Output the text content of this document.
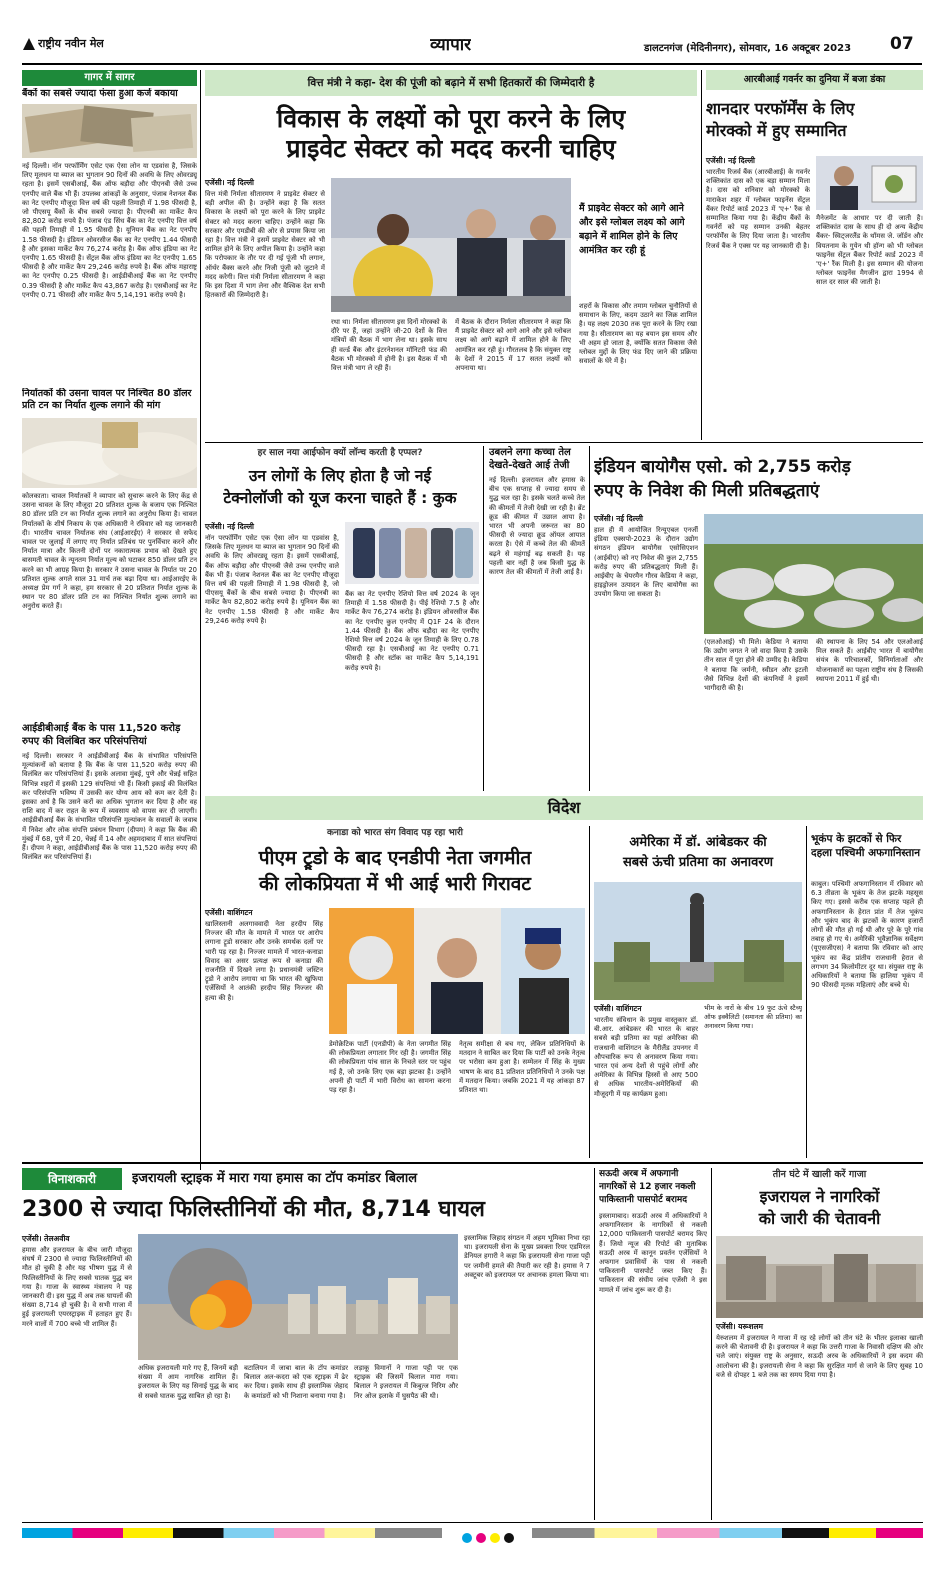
राष्ट्रीय नवीन मेल	व्यापार	डालटनगंज (मेदिनीनगर), सोमवार, 16 अक्टूबर 2023 07
गागर में सागर
बैंकों का सबसे ज्यादा फंसा हुआ कर्ज बकाया
नई दिल्ली। नॉन परफॉर्मिंग एसेट एक ऐसा लोन या एडवांस है, जिसके लिए मूलधन या ब्याज का भुगतान 90 दिनों की अवधि के लिए ओवरड्यू रहता है। इसमें एसबीआई, बैंक ऑफ बड़ौदा और पीएनबी जैसे उच्च एनपीए वाले बैंक भी हैं। उपलब्ध आंकड़ों के अनुसार, पंजाब नेशनल बैंक का नेट एनपीए मौजूदा वित्त वर्ष की पहली तिमाही में 1.98 फीसदी है, जो पीएसयू बैंकों के बीच सबसे ज्यादा है। पीएनबी का मार्केट कैप 82,802 करोड़ रुपये है। पंजाब एंड सिंध बैंक का नेट एनपीए वित्त वर्ष की पहली तिमाही में 1.95 फीसदी है। यूनियन बैंक का नेट एनपीए 1.58 फीसदी है। इंडियन ओवरसीज बैंक का नेट एनपीए 1.44 फीसदी है और इसका मार्केट कैप 76,274 करोड़ है। बैंक ऑफ इंडिया का नेट एनपीए 1.65 फीसदी है। सेंट्रल बैंक ऑफ इंडिया का नेट एनपीए 1.65 फीसदी है और मार्केट कैप 29,246 करोड़ रुपये है। बैंक ऑफ महाराष्ट्र का नेट एनपीए 0.25 फीसदी है। आईडीबीआई बैंक का नेट एनपीए 0.39 फीसदी है और मार्केट कैप 43,867 करोड़ है। एसबीआई का नेट एनपीए 0.71 फीसदी और मार्केट कैप 5,14,191 करोड़ रुपये है।
निर्यातकों की उसना चावल पर निश्चित 80 डॉलर प्रति टन का निर्यात शुल्क लगाने की मांग
कोलकाता। चावल निर्यातकों ने व्यापार को सुचारू करने के लिए केंद्र से उसना चावल के लिए मौजूदा 20 प्रतिशत शुल्क के बजाय एक निश्चित 80 डॉलर प्रति टन का निर्यात शुल्क लगाने का अनुरोध किया है। चावल निर्यातकों के शीर्ष निकाय के एक अधिकारी ने रविवार को यह जानकारी दी। भारतीय चावल निर्यातक संघ (आईआरईए) ने सरकार से सफेद चावल पर जुलाई में लगाए गए निर्यात प्रतिबंध पर पुनर्विचार करने और निर्यात मात्रा और कितनी दोनों पर नकारात्मक प्रभाव को देखते हुए बासमती चावल के न्यूनतम निर्यात मूल्य को घटाकर 850 डॉलर प्रति टन करने का भी आग्रह किया है। सरकार ने उसना चावल के निर्यात पर 20 प्रतिशत शुल्क अगले साल 31 मार्च तक बढ़ा दिया था। आईआरईए के अध्यक्ष प्रेम गर्ग ने कहा, हम सरकार से 20 प्रतिशत निर्यात शुल्क के स्थान पर 80 डॉलर प्रति टन का निश्चित निर्यात शुल्क लगाने का अनुरोध करते हैं।
आईडीबीआई बैंक के पास 11,520 करोड़ रुपए की विलंबित कर परिसंपत्तियां
नई दिल्ली। सरकार ने आईडीबीआई बैंक के संभावित परिसंपत्ति मूल्यांकनों को बताया है कि बैंक के पास 11,520 करोड़ रुपए की विलंबित कर परिसंपत्तियां हैं। इसके अलावा मुंबई, पुणे और चेन्नई सहित विभिन्न शहरों में इसकी 129 संपत्तियां भी हैं। किसी इकाई की विलंबित कर परिसंपत्ति भविष्य में उसकी कर योग्य आय को कम कर देती है। इसका अर्थ है कि उसने करों का अधिक भुगतान कर दिया है और वह राशि बाद में कर राहत के रूप में व्यवसाय को वापस कर दी जाएगी। आईडीबीआई बैंक के संभावित परिसंपत्ति मूल्यांकन के सवालों के जवाब में निवेश और लोक संपत्ति प्रबंधन विभाग (दीपम) ने कहा कि बैंक की मुंबई में 68, पुणे में 20, चेन्नई में 14 और अहमदाबाद में सात संपत्तियां हैं। दीपम ने कहा, आईडीबीआई बैंक के पास 11,520 करोड़ रुपए की विलंबित कर परिसंपत्तियां हैं।
वित्त मंत्री ने कहा- देश की पूंजी को बढ़ाने में सभी हितकारों की जिम्मेदारी है
विकास के लक्ष्यों को पूरा करने के लिए
प्राइवेट सेक्टर को मदद करनी चाहिए
एजेंसी। नई दिल्ली
वित्त मंत्री निर्मला सीतारमण ने प्राइवेट सेक्टर से बड़ी अपील की है। उन्होंने कहा है कि सतत विकास के लक्ष्यों को पूरा करने के लिए प्राइवेट सेक्टर को मदद करना चाहिए। उन्होंने कहा कि सरकार और एमडीबी की ओर से प्रयास किया जा रहा है। वित्त मंत्री ने इसमें प्राइवेट सेक्टर को भी शामिल होने के लिए अपील किया है। उन्होंने कहा कि परोपकार के तौर पर दी गई पूंजी भी लगान, ऑर्थर बैंक्स करने और निजी पूंजी को जुटाने में मदद करेगी। वित्त मंत्री निर्मला सीतारमण ने कहा कि इस दिशा में भाग लेना और वैश्विक देश सभी हितकारों की जिम्मेदारी है।
रथा था। निर्मला सीतारमण इस दिनों मोरक्को के दौरे पर हैं, जहां उन्होंने जी-20 देशों के वित्त मंत्रियों की बैठक में भाग लेना था। इसके साथ ही वर्ल्ड बैंक और इंटरनेशनल मॉनिटरी फंड की बैठक भी मोरक्को में होनी है। इस बैठक में भी वित्त मंत्री भाग ले रही हैं।
में बैठक के दौरान निर्मला सीतारमण ने कहा कि मैं प्राइवेट सेक्टर को आगे आने और इसे ग्लोबल लक्ष्य को आगे बढ़ाने में शामिल होने के लिए आमंत्रित कर रही हूं। गौरतलब है कि संयुक्त राष्ट्र के देशों ने 2015 में 17 सतत लक्ष्यों को अपनाया था।
मैं प्राइवेट सेक्टर को आगे आने और इसे ग्लोबल लक्ष्य को आगे बढ़ाने में शामिल होने के लिए आमंत्रित कर रही हूं
शहरों के विकास और तमाम ग्लोबल चुनौतियों से समाधान के लिए, कदम उठाने का जिक्र शामिल है। यह लक्ष्य 2030 तक पूरा करने के लिए रखा गया है। सीतारमण का यह बयान इस समय और भी अहम हो जाता है, क्योंकि सतत विकास जैसे ग्लोबल मुद्दों के लिए फंड दिए जाने की प्रक्रिया सवालों के घेरे में है।
आरबीआई गवर्नर का दुनिया में बजा डंका
शानदार परफॉर्मेंस के लिए
मोरक्को में हुए सम्मानित
एजेंसी। नई दिल्ली
भारतीय रिजर्व बैंक (आरबीआई) के गवर्नर शक्तिकांत दास को एक बड़ा सम्मान मिला है। दास को शनिवार को मोरक्को के माराकेश शहर में ग्लोबल फाइनेंस सेंट्रल बैंकर रिपोर्ट कार्ड 2023 में 'ए+' रैंक से सम्मानित किया गया है। केंद्रीय बैंकों के गवर्नरों को यह सम्मान उनकी बेहतर परफॉर्मेंस के लिए दिया जाता है। भारतीय रिजर्व बैंक ने एक्स पर यह जानकारी दी है।
मैनेजमेंट के आधार पर दी जाती है। शक्तिकांत दास के साथ ही दो अन्य केंद्रीय बैंकर- स्विट्जरलैंड के थॉमस जे. जॉर्डन और वियतनाम के गुयेन थी हॉन्ग को भी ग्लोबल फाइनेंस सेंट्रल बैंकर रिपोर्ट कार्ड 2023 में 'ए+' रैंक मिली है। इस सम्मान की योजना ग्लोबल फाइनेंस मैगजीन द्वारा 1994 से साल दर साल की जाती है।
हर साल नया आईफोन क्यों लॉन्च करती है एप्पल?
उन लोगों के लिए होता है जो नई
टेक्नोलॉजी को यूज करना चाहते हैं : कुक
एजेंसी। नई दिल्ली
नॉन परफॉर्मिंग एसेट एक ऐसा लोन या एडवांस है, जिसके लिए मूलधन या ब्याज का भुगतान 90 दिनों की अवधि के लिए ओवरड्यू रहता है। इसमें एसबीआई, बैंक ऑफ बड़ौदा और पीएनबी जैसे उच्च एनपीए वाले बैंक भी हैं। पंजाब नेशनल बैंक का नेट एनपीए मौजूदा वित्त वर्ष की पहली तिमाही में 1.98 फीसदी है, जो पीएसयू बैंकों के बीच सबसे ज्यादा है। पीएनबी का मार्केट कैप 82,802 करोड़ रुपये है। यूनियन बैंक का नेट एनपीए 1.58 फीसदी है और मार्केट कैप 29,246 करोड़ रुपये है।
बैंक का नेट एनपीए रेशियो वित्त वर्ष 2024 के जून तिमाही में 1.58 फीसदी है। पीई रेशियो 7.5 है और मार्केट कैप 76,274 करोड़ है। इंडियन ओवरसीज बैंक का नेट एनपीए कुल एनपीए में Q1F 24 के दौरान 1.44 फीसदी है। बैंक ऑफ बड़ौदा का नेट एनपीए रेशियो वित्त वर्ष 2024 के जून तिमाही के लिए 0.78 फीसदी रहा है। एसबीआई का नेट एनपीए 0.71 फीसदी है और स्टॉक का मार्केट कैप 5,14,191 करोड़ रुपये है।
उबलने लगा कच्चा तेल देखते-देखते आई तेजी
नई दिल्ली। इजरायल और हमास के बीच एक सप्ताह से ज्यादा समय से युद्ध चल रहा है। इसके चलते कच्चे तेल की कीमतों में तेजी देखी जा रही है। ब्रेंट क्रूड की कीमत में उछाल आया है। भारत भी अपनी जरूरत का 80 फीसदी से ज्यादा क्रूड ऑयल आयात करता है। ऐसे में कच्चे तेल की कीमतें बढ़ने से महंगाई बढ़ सकती है। यह पहली बार नहीं है जब किसी युद्ध के कारण तेल की कीमतों में तेजी आई है।
इंडियन बायोगैस एसो. को 2,755 करोड़
रुपए के निवेश की मिली प्रतिबद्धताएं
एजेंसी। नई दिल्ली
हाल ही में आयोजित रिन्यूएबल एनर्जी इंडिया एक्सपो-2023 के दौरान उद्योग संगठन इंडियन बायोगैस एसोसिएशन (आईबीए) को नए निवेश की कुल 2,755 करोड़ रुपए की प्रतिबद्धताएं मिली हैं। आईबीए के चेयरमैन गौरव केडिया ने कहा, हाइड्रोजन उत्पादन के लिए बायोगैस का उपयोग किया जा सकता है।
(एलओआई) भी मिले। केडिया ने बताया कि उद्योग जगत ने जो वादा किया है उसके तीन साल में पूरा होने की उम्मीद है। केडिया ने बताया कि जर्मनी, स्वीडन और इटली जैसे विभिन्न देशों की कंपनियों ने इसमें भागीदारी की है।
की स्थापना के लिए 54 और एलओआई मिल सकते हैं। आईबीए भारत में बायोगैस संयंत्र के परिचालकों, विनिर्माताओं और योजनाकारों का पहला राष्ट्रीय संघ है जिसकी स्थापना 2011 में हुई थी।
विदेश
कनाडा को भारत संग विवाद पड़ रहा भारी
पीएम ट्रूडो के बाद एनडीपी नेता जगमीत
की लोकप्रियता में भी आई भारी गिरावट
एजेंसी। वाशिंगटन
खालिस्तानी अलगाववादी नेता हरदीप सिंह निज्जर की मौत के मामले में भारत पर आरोप लगाना ट्रूडो सरकार और उनके समर्थक दलों पर भारी पड़ रहा है। निज्जर मामले में भारत-कनाडा विवाद का असर प्रत्यक्ष रूप से कनाडा की राजनीति में दिखने लगा है। प्रधानमंत्री जस्टिन ट्रूडो ने आरोप लगाया था कि भारत की खुफिया एजेंसियों ने आतंकी हरदीप सिंह निज्जर की हत्या की है।
डेमोक्रेटिक पार्टी (एनडीपी) के नेता जगमीत सिंह की लोकप्रियता लगातार गिर रही है। जगमीत सिंह की लोकप्रियता पांच साल के निचले स्तर पर पहुंच गई है, जो उनके लिए एक बड़ा झटका है। उन्होंने अपनी ही पार्टी में भारी विरोध का सामना करना पड़ रहा है।
नेतृत्व समीक्षा से बच गए, लेकिन प्रतिनिधियों के मतदान ने साबित कर दिया कि पार्टी को उनके नेतृत्व पर भरोसा कम हुआ है। सम्मेलन में सिंह के मुख्य भाषण के बाद 81 प्रतिशत प्रतिनिधियों ने उनके पक्ष में मतदान किया। जबकि 2021 में यह आंकड़ा 87 प्रतिशत था।
अमेरिका में डॉ. आंबेडकर की
सबसे ऊंची प्रतिमा का अनावरण
भीम के नारों के बीच 19 फुट ऊंचे स्टैच्यू ऑफ इक्वैलिटी (समानता की प्रतिमा) का अनावरण किया गया।
एजेंसी। वाशिंगटन
भारतीय संविधान के प्रमुख वास्तुकार डॉ. बी.आर. आंबेडकर की भारत के बाहर सबसे बड़ी प्रतिमा का यहां अमेरिका की राजधानी वाशिंगटन के मैरीलैंड उपनगर में औपचारिक रूप से अनावरण किया गया। भारत एवं अन्य देशों से पहुंचे लोगों और अमेरिका के विभिन्न हिस्सों से आए 500 से अधिक भारतीय-अमेरिकियों की मौजूदगी में यह कार्यक्रम हुआ।
भूकंप के झटकों से फिर दहला पश्चिमी अफगानिस्तान
काबुल। पश्चिमी अफगानिस्तान में रविवार को 6.3 तीव्रता के भूकंप के तेज झटके महसूस किए गए। इससे करीब एक सप्ताह पहले ही अफगानिस्तान के हेरात प्रांत में तेज भूकंप और भूकंप बाद के झटकों के कारण हजारों लोगों की मौत हो गई थी और पूरे के पूरे गांव तबाह हो गए थे। अमेरिकी भूवैज्ञानिक सर्वेक्षण (यूएसजीएस) ने बताया कि रविवार को आए भूकंप का केंद्र प्रांतीय राजधानी हेरात से लगभग 34 किलोमीटर दूर था। संयुक्त राष्ट्र के अधिकारियों ने बताया कि हालिया भूकंप में 90 फीसदी मृतक महिलाएं और बच्चे थे।
विनाशकारी	इजरायली स्ट्राइक में मारा गया हमास का टॉप कमांडर बिलाल
2300 से ज्यादा फिलिस्तीनियों की मौत, 8,714 घायल
एजेंसी। तेलअवीव
हमास और इजरायल के बीच जारी मौजूदा संघर्ष में 2300 से ज्यादा फिलिस्तीनियों की मौत हो चुकी है और यह भीषण युद्ध में से फिलिस्तीनियों के लिए सबसे घातक युद्ध बन गया है। गाजा के स्वास्थ्य मंत्रालय ने यह जानकारी दी। इस युद्ध में अब तक घायलों की संख्या 8,714 हो चुकी है। वे सभी गाजा में हुई इजरायली एयरस्ट्राइक में हताहत हुए हैं। मरने वालों में 700 बच्चे भी शामिल हैं।
अधिक इजरायली मारे गए हैं, जिनमें बड़ी संख्या में आम नागरिक शामिल हैं। इजरायल के लिए यह सिनाई युद्ध के बाद से सबसे घातक युद्ध साबित हो रहा है।
बटालियन में जाबा बाल के टॉप कमांडर बिलाल अल-कदरा को एक स्ट्राइक में ढेर कर दिया। इसके साथ ही इस्लामिक जेहाद के कमांडरों को भी निशाना बनाया गया है।
लड़ाकू विमानों ने गाजा पट्टी पर एक स्ट्राइक की जिसमें बिलाल मारा गया। बिलाल ने इजरायल में किबुत्ज निरिम और निर ओज इलाके में घुसपैठ की थी।
इस्लामिक जिहाद संगठन में अहम भूमिका निभा रहा था। इजरायली सेना के मुख्य प्रवक्ता रियर एडमिरल डेनियल हगारी ने कहा कि इजरायली सेना गाजा पट्टी पर जमीनी हमले की तैयारी कर रही है। हमास ने 7 अक्टूबर को इजरायल पर अचानक हमला किया था।
सऊदी अरब में अफगानी नागरिकों से 12 हजार नकली पाकिस्तानी पासपोर्ट बरामद
इस्लामाबाद। सऊदी अरब में अधिकारियों ने अफगानिस्तान के नागरिकों से नकली 12,000 पाकिस्तानी पासपोर्ट बरामद किए हैं। जियो न्यूज की रिपोर्ट की मुताबिक सऊदी अरब में कानून प्रवर्तन एजेंसियों ने अफगान प्रवासियों के पास से नकली पाकिस्तानी पासपोर्ट जब्त किए हैं। पाकिस्तान की संघीय जांच एजेंसी ने इस मामले में जांच शुरू कर दी है।
तीन घंटे में खाली करें गाजा
इजरायल ने नागरिकों
को जारी की चेतावनी
एजेंसी। यरूशलम
येरुशलम में इजरायल ने गाजा में रह रहे लोगों को तीन घंटे के भीतर इलाका खाली करने की चेतावनी दी है। इजरायल ने कहा कि उत्तरी गाजा के निवासी दक्षिण की ओर चले जाएं। संयुक्त राष्ट्र के अनुसार, सऊदी अरब के अधिकारियों ने इस कदम की आलोचना की है। इजरायली सेना ने कहा कि सुरक्षित मार्ग से जाने के लिए सुबह 10 बजे से दोपहर 1 बजे तक का समय दिया गया है।
